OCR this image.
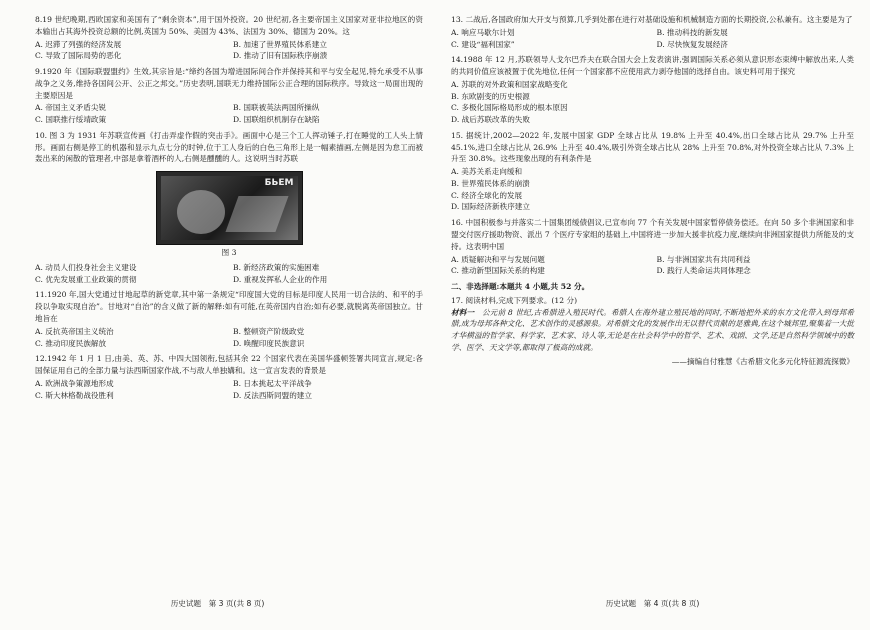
8.19 世纪晚期,西欧国家和美国有了“剩余资本”,用于国外投资。20 世纪初,各主要帝国主义国家对亚非拉地区的资本输出占其海外投资总额的比例,英国为 50%、美国为 43%、法国为 30%、德国为 20%。这

A. 迟滞了列强的经济发展	B. 加速了世界殖民体系建立
C. 导致了国际局势的恶化	D. 推动了旧有国际秩序崩溃

9.1920 年《国际联盟盟约》生效,其宗旨是:“缔约各国为增进国际间合作并保持其和平与安全起见,特允承受不从事战争之义务,维持各国间公开、公正之邦交。”历史表明,国联无力维持国际公正合理的国际秩序。导致这一局面出现的主要原因是

A. 帝国主义矛盾尖锐	B. 国联被英法两国所操纵
C. 国联推行绥靖政策	D. 国联组织机制存在缺陷

10. 图 3 为 1931 年苏联宣传画《打击弄虚作假的突击手》。画面中心是三个工人挥动锤子,打在睡觉的工人头上情形。画面右侧是停工的机器和显示九点七分的时钟,位于工人身后的白色三角形上是一幅素描画,左侧是因为怠工而被轰出来的闲散的管理者,中部是拿着酒杯的人,右侧是醺醺的人。这说明当时苏联

БЬЕМ
图 3
A. 动员人们投身社会主义建设	B. 新经济政策的实施困难
C. 优先发展重工业政策的贯彻	D. 重视发挥私人企业的作用

11.1920 年,国大党通过甘地起草的新党章,其中第一条规定“印度国大党的目标是印度人民用一切合法的、和平的手段以争取实现自治”。甘地对“自治”的含义做了新的解释:如有可能,在英帝国内自治;如有必要,就脱离英帝国独立。甘地旨在

A. 反抗英帝国主义统治	B. 整顿资产阶级政党
C. 推动印度民族解放	D. 唤醒印度民族意识

12.1942 年 1 月 1 日,由美、英、苏、中四大国领衔,包括其余 22 个国家代表在美国华盛顿签署共同宣言,规定:各国保证用自己的全部力量与法西斯国家作战,不与敌人单独媾和。这一宣言发表的背景是

A. 欧洲战争策源地形成	B. 日本挑起太平洋战争
C. 斯大林格勒战役胜利	D. 反法西斯同盟的建立
历史试题　第 3 页(共 8 页)

13. 二战后,各国政府加大开支与预算,几乎到处都在进行对基础设施和机械制造方面的长期投资,公私兼有。这主要是为了

A. 响应马歇尔计划	B. 推动科技的新发展
C. 建设“福利国家”	D. 尽快恢复发展经济

14.1988 年 12 月,苏联领导人戈尔巴乔夫在联合国大会上发表演讲,强调国际关系必须从意识形态束缚中解放出来,人类的共同价值应该被置于优先地位,任何一个国家都不应使用武力剥夺他国的选择自由。该史料可用于探究

A. 苏联的对外政策和国家战略变化
B. 东欧剧变的历史根源
C. 多极化国际格局形成的根本原因
D. 战后苏联改革的失败

15. 据统计,2002—2022 年,发展中国家 GDP 全球占比从 19.8% 上升至 40.4%,出口全球占比从 29.7% 上升至 45.1%,进口全球占比从 26.9% 上升至 40.4%,吸引外资全球占比从 28% 上升至 70.8%,对外投资全球占比从 7.3% 上升至 30.8%。这些现象出现的有利条件是

A. 美苏关系走向缓和
B. 世界殖民体系的崩溃
C. 经济全球化的发展
D. 国际经济新秩序建立

16. 中国积极参与并落实二十国集团缓债倡议,已宣布向 77 个有关发展中国家暂停债务偿还。在向 50 多个非洲国家和非盟交付医疗援助物资、派出 7 个医疗专家组的基础上,中国将进一步加大援非抗疫力度,继续向非洲国家提供力所能及的支持。这表明中国

A. 质疑解决和平与发展问题	B. 与非洲国家共有共同利益
C. 推动新型国际关系的构建	D. 践行人类命运共同体理念
二、非选择题:本题共 4 小题,共 52 分。

17. 阅读材料,完成下列要求。(12 分)

材料一　 公元前 8 世纪,古希腊进入殖民时代。希腊人在海外建立殖民地的同时,不断地把外来的东方文化带入到母邦希腊,成为母邦各种文化、艺术创作的灵感源泉。对希腊文化的发展作出无以替代贡献的是雅典,在这个城邦里,聚集着一大批才华横溢的哲学家、科学家、艺术家、诗人等,无论是在社会科学中的哲学、艺术、戏剧、文学,还是自然科学领域中的数学、医学、天文学等,都取得了极高的成就。

——摘编自付雅慧《古希腊文化多元化特征源流探微》
历史试题　第 4 页(共 8 页)
